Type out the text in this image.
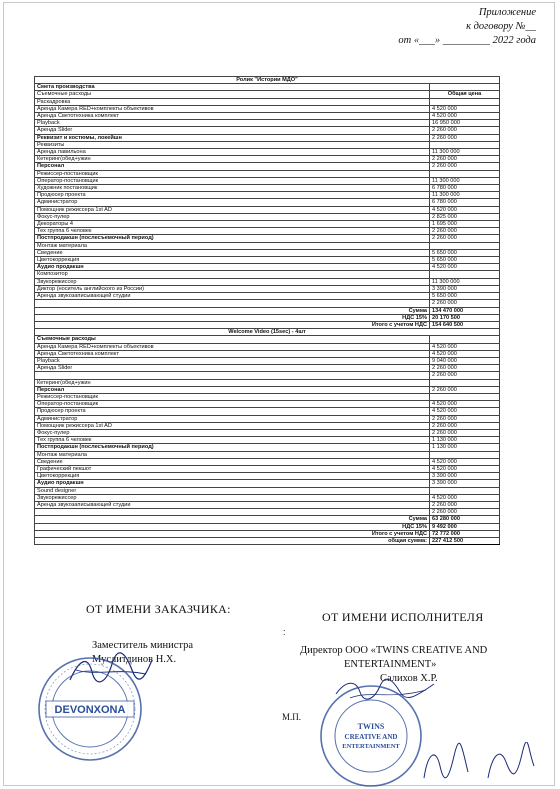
Приложение
к договору №__
от «___» _________ 2022 года
Ролик "Истории МДО"	
Смета производства	
Съемочные расходы	Общая цена
Раскадровка	
Аренда Камера RED+комплекты объективов	4 520 000
Аренда Светотехника комплект	4 520 000
Playback	16 950 000
Аренда Slider	2 260 000
Реквизит и костюмы, локейшн	2 260 000
Реквизиты	
Аренда павильона	11 300 000
Кетеринг(обед+ужин	2 260 000
Персонал	2 260 000
Режиссер-постановщик	
Оператор-постановщик	11 300 000
Художник постановщик	6 780 000
Продюсер проекта	11 300 000
Администратор	6 780 000
Помощник режиссера 1st AD	4 520 000
Фокус-пулер	2 825 000
Декораторы 4	1 695 000
Тех группа 6 человек	2 260 000
Постпродакшн (послесъемочный период)	2 260 000
Монтаж материала	
Сведение	5 650 000
Цветокоррекция	5 650 000
Аудио продакшн	4 520 000
Композитор	
Звукорежиссер	11 300 000
Диктор (носитель английского из России)	3 390 000
Аренда звукозаписывающей студии	5 650 000
	2 260 000
Сумма	134 470 000
НДС 15%	20 170 500
Итого с учетом НДС	154 640 500
Welcome Video (15sec) - 4шт	
Съемочные расходы	
Аренда Камера RED+комплекты объективов	4 520 000
Аренда Светотехника комплект	4 520 000
Playback	9 040 000
Аренда Slider	2 260 000
	2 260 000
Кетеринг(обед+ужин	
Персонал	2 260 000
Режиссер-постановщик	
Оператор-постановщик	4 520 000
Продюсер проекта	4 520 000
Администратор	2 260 000
Помощник режиссера 1st AD	2 260 000
Фокус-пулер	2 260 000
Тех группа 6 человек	1 130 000
Постпродакшн (послесъемочный период)	1 130 000
Монтаж материала	
Сведение	4 520 000
Графический пекшот	4 520 000
Цветокоррекция	3 390 000
Аудио продакшн	3 390 000
Sound designer	
Звукорежиссер	4 520 000
Аренда звукозаписывающей студии	2 260 000
	2 260 000
Сумма	63 280 000
НДС 15%	9 492 000
Итого с учетом НДС	72 772 000
общая сумма:	227 412 500
ОТ ИМЕНИ ЗАКАЗЧИКА:
ОТ ИМЕНИ ИСПОЛНИТЕЛЯ
:
Заместитель министра
Муслитдинов Н.Х.
Директор ООО «TWINS CREATIVE AND
ENTERTAINMENT»
Салихов Х.Р.
М.П.
DEVONXONA
TWINS
CREATIVE AND
ENTERTAINMENT
